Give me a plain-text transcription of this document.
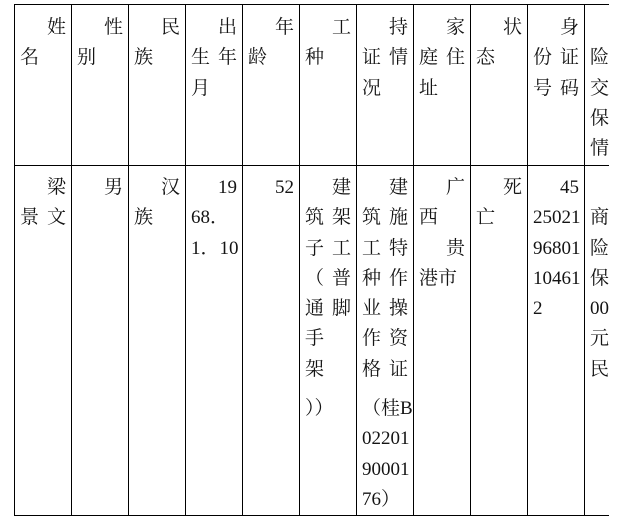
姓
名

性
别

民
族

出
生 年
月

年
龄

工
种

持
证 情
况

家
庭 住
址

状
态

身
份 证
号 码
险
交
保
情

梁
景 文

男
　 汉
族

19
68．
1．10

52
　 建
筑 架
子 工
（ 普
通 脚
手
架
））

建
筑 施
工 特
种 作
业 操
作 资
格 证
（桂B
02201
90001
76）

广
西

贵
港市

死
亡

45
25021
96801
10461
2
商
险
保
00
元
民
